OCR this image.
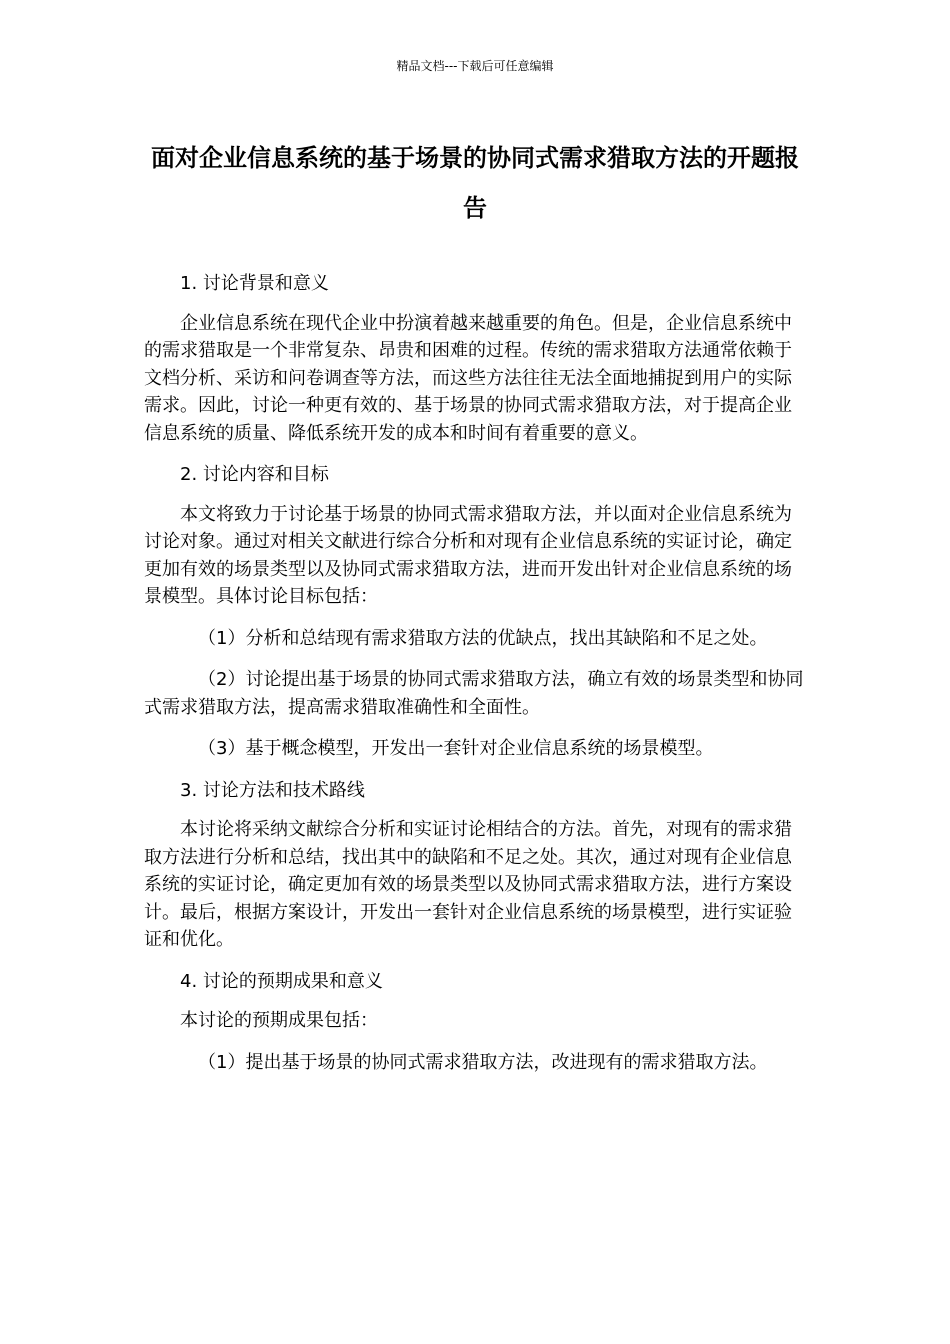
精品文档---下载后可任意编辑
面对企业信息系统的基于场景的协同式需求猎取方法的开题报告

1. 讨论背景和意义

企业信息系统在现代企业中扮演着越来越重要的角色。但是，企业信息系统中的需求猎取是一个非常复杂、昂贵和困难的过程。传统的需求猎取方法通常依赖于文档分析、采访和问卷调查等方法，而这些方法往往无法全面地捕捉到用户的实际需求。因此，讨论一种更有效的、基于场景的协同式需求猎取方法，对于提高企业信息系统的质量、降低系统开发的成本和时间有着重要的意义。

2. 讨论内容和目标

本文将致力于讨论基于场景的协同式需求猎取方法，并以面对企业信息系统为讨论对象。通过对相关文献进行综合分析和对现有企业信息系统的实证讨论，确定更加有效的场景类型以及协同式需求猎取方法，进而开发出针对企业信息系统的场景模型。具体讨论目标包括：

（1）分析和总结现有需求猎取方法的优缺点，找出其缺陷和不足之处。

（2）讨论提出基于场景的协同式需求猎取方法，确立有效的场景类型和协同式需求猎取方法，提高需求猎取准确性和全面性。

（3）基于概念模型，开发出一套针对企业信息系统的场景模型。

3. 讨论方法和技术路线

本讨论将采纳文献综合分析和实证讨论相结合的方法。首先，对现有的需求猎取方法进行分析和总结，找出其中的缺陷和不足之处。其次，通过对现有企业信息系统的实证讨论，确定更加有效的场景类型以及协同式需求猎取方法，进行方案设计。最后，根据方案设计，开发出一套针对企业信息系统的场景模型，进行实证验证和优化。

4. 讨论的预期成果和意义

本讨论的预期成果包括：

（1）提出基于场景的协同式需求猎取方法，改进现有的需求猎取方法。
